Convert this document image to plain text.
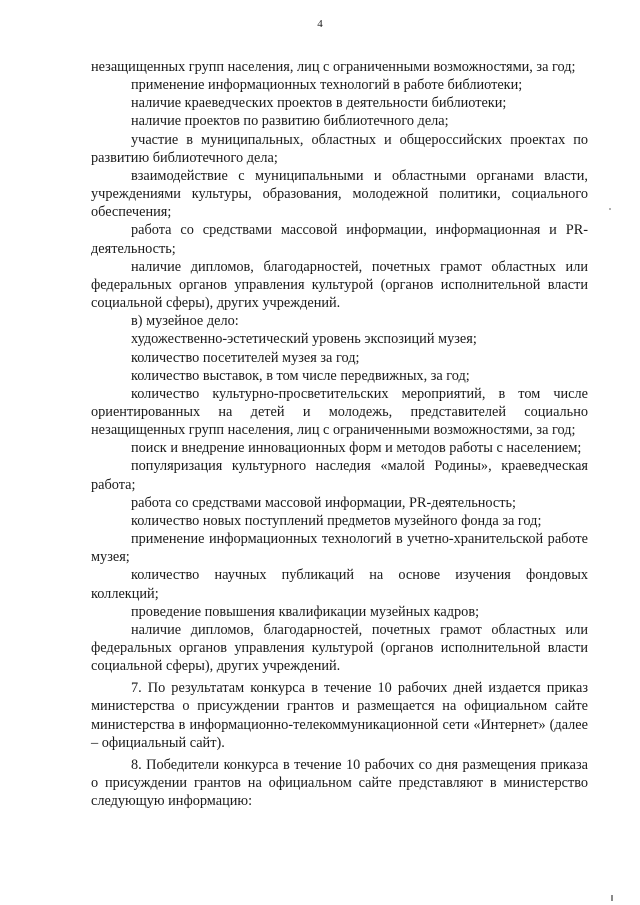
4

незащищенных групп населения, лиц с ограниченными возможностями, за год;

применение информационных технологий в работе библиотеки;

наличие краеведческих проектов в деятельности библиотеки;

наличие проектов по развитию библиотечного дела;

участие в муниципальных, областных и общероссийских проектах по развитию библиотечного дела;

взаимодействие с муниципальными и областными органами власти, учреждениями культуры, образования, молодежной политики, социального обеспечения;

работа со средствами массовой информации, информационная и PR-деятельность;

наличие дипломов, благодарностей, почетных грамот областных или федеральных органов управления культурой (органов исполнительной власти социальной сферы), других учреждений.

в) музейное дело:

художественно-эстетический уровень экспозиций музея;

количество посетителей музея за год;

количество выставок, в том числе передвижных, за год;

количество культурно-просветительских мероприятий, в том числе ориентированных на детей и молодежь, представителей социально незащищенных групп населения, лиц с ограниченными возможностями, за год;

поиск и внедрение инновационных форм и методов работы с населением;

популяризация культурного наследия «малой Родины», краеведческая работа;

работа со средствами массовой информации, PR-деятельность;

количество новых поступлений предметов музейного фонда за год;

применение информационных технологий в учетно-хранительской работе музея;

количество научных публикаций на основе изучения фондовых коллекций;

проведение повышения квалификации музейных кадров;

наличие дипломов, благодарностей, почетных грамот областных или федеральных органов управления культурой (органов исполнительной власти социальной сферы), других учреждений.

7. По результатам конкурса в течение 10 рабочих дней издается приказ министерства о присуждении грантов и размещается на официальном сайте министерства в информационно-телекоммуникационной сети «Интернет» (далее – официальный сайт).

8. Победители конкурса в течение 10 рабочих со дня размещения приказа о присуждении грантов на официальном сайте представляют в министерство следующую информацию:
